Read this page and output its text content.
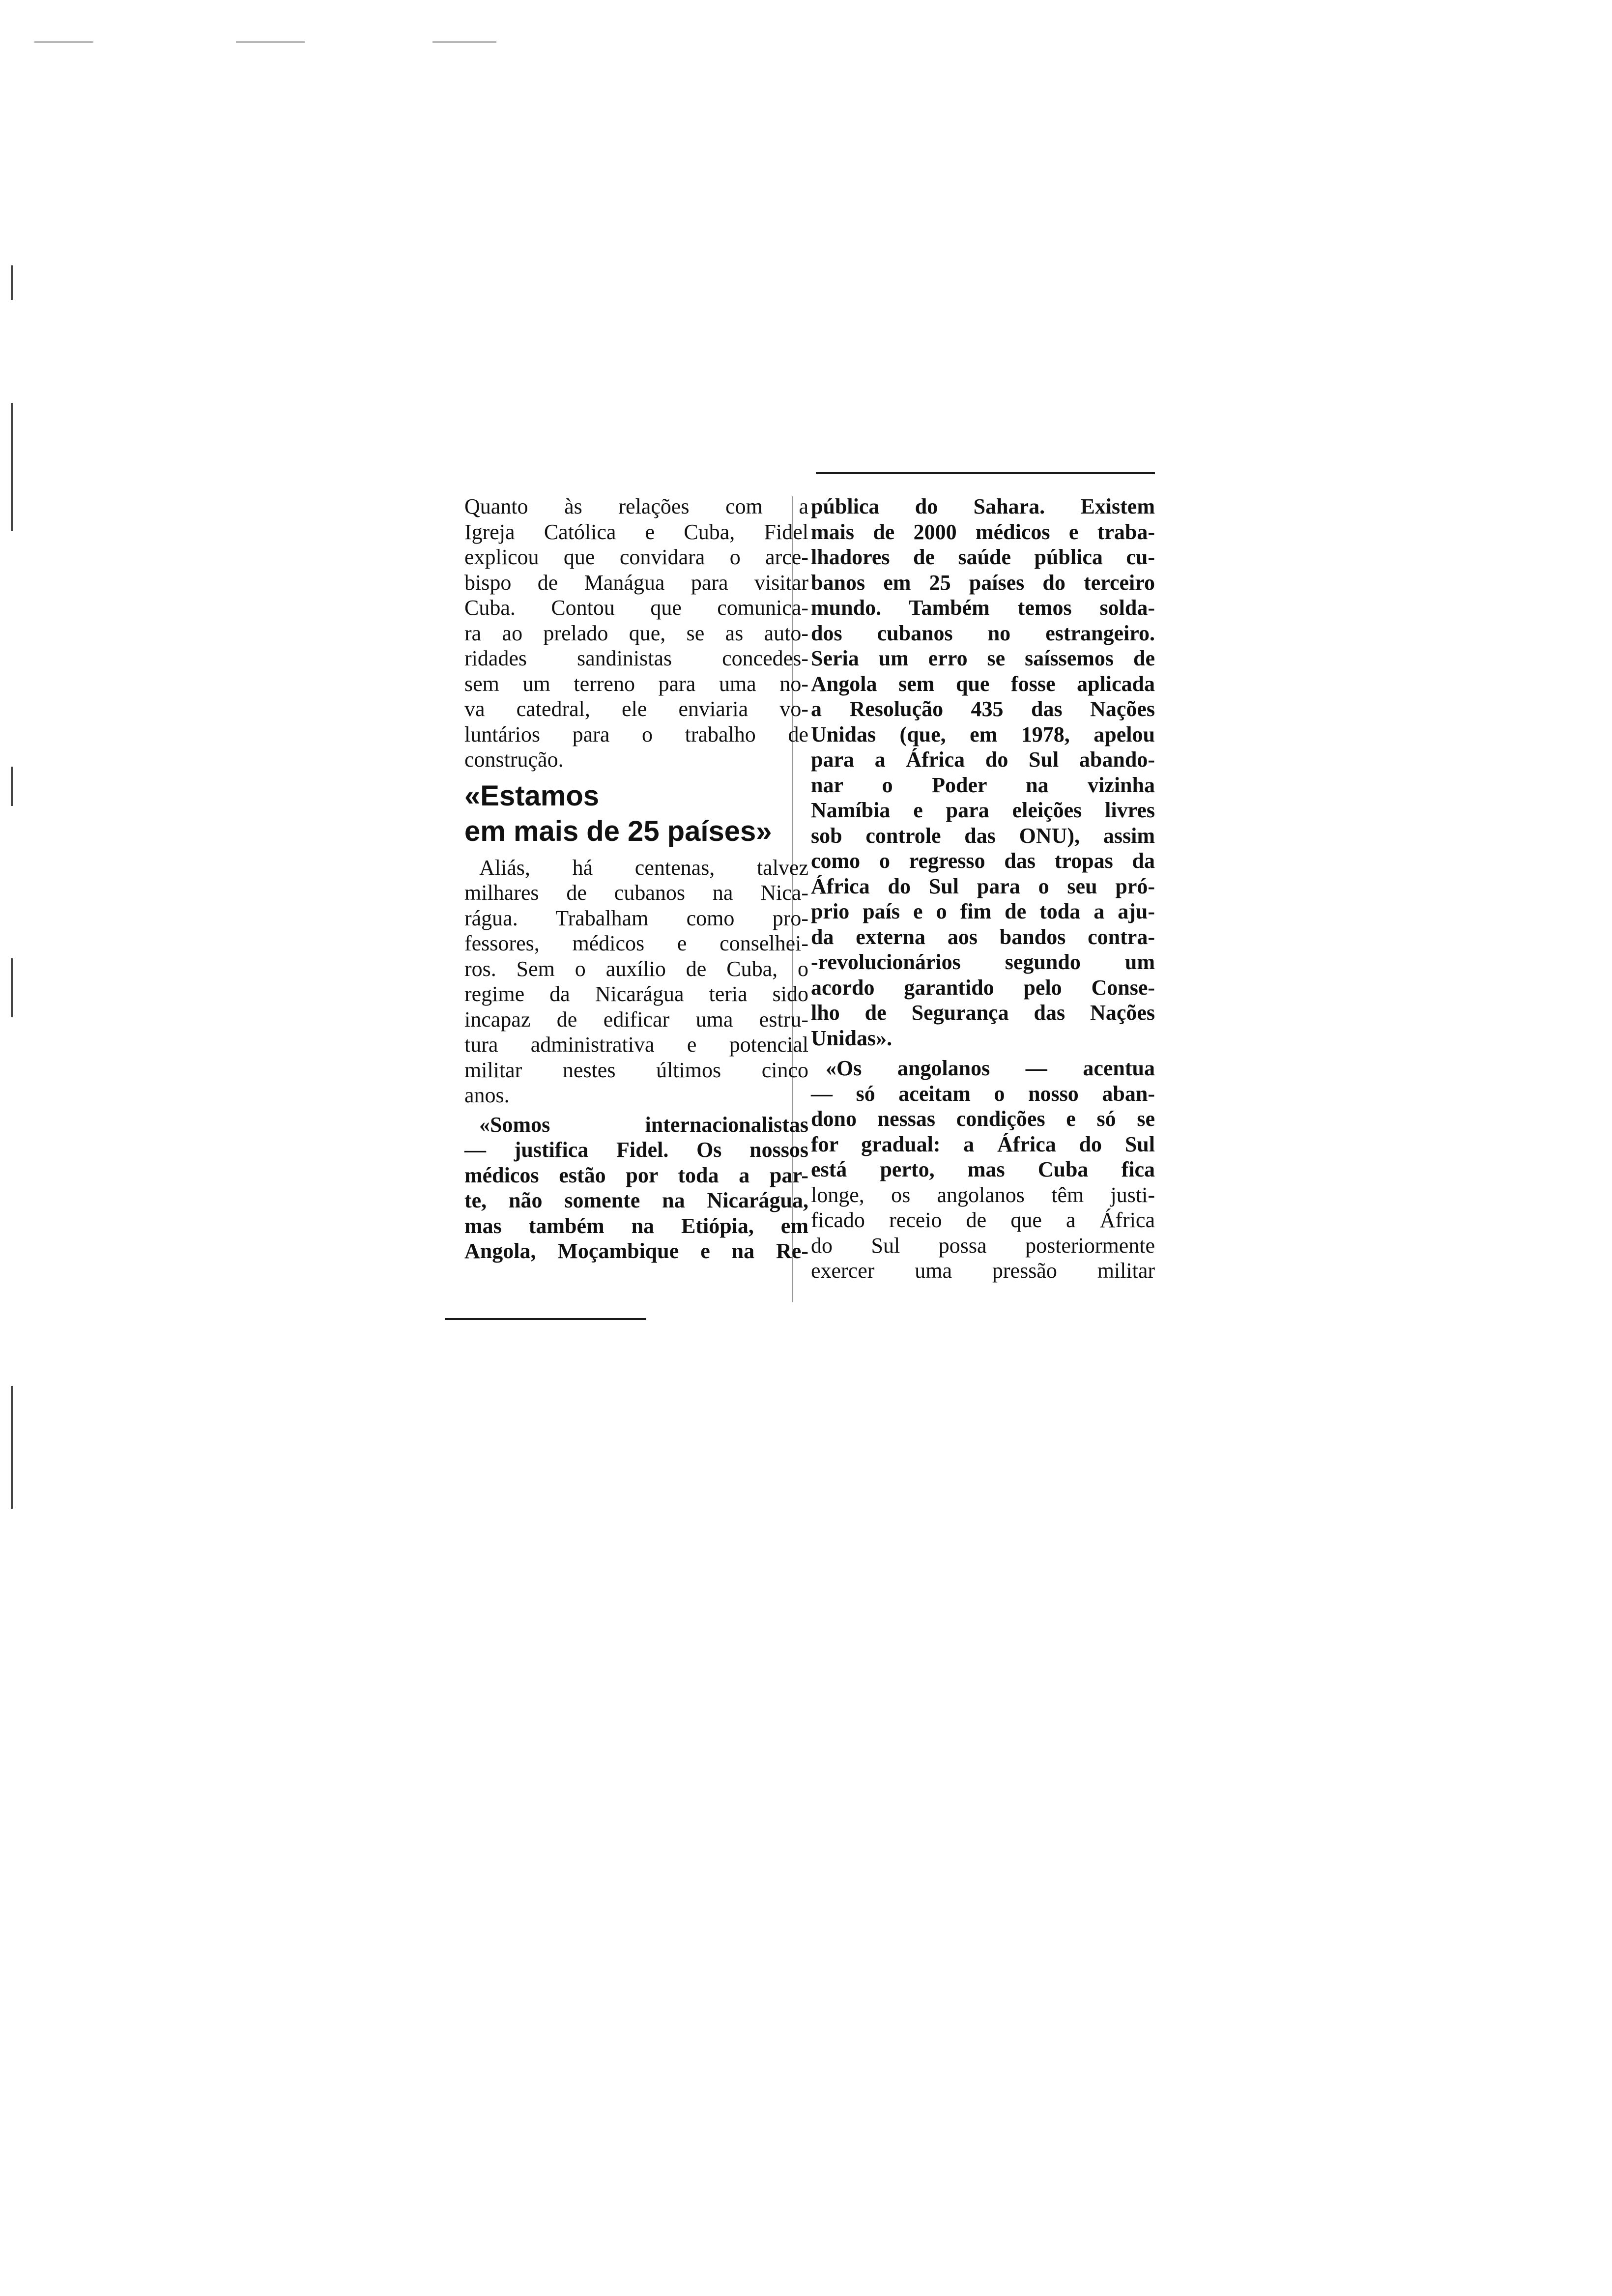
Quanto às relações com a

Igreja Católica e Cuba, Fidel

explicou que convidara o arce-

bispo de Manágua para visitar

Cuba. Contou que comunica-

ra ao prelado que, se as auto-

ridades sandinistas concedes-

sem um terreno para uma no-

va catedral, ele enviaria vo-

luntários para o trabalho de

construção.

«Estamos
em mais de 25 países»

Aliás, há centenas, talvez

milhares de cubanos na Nica-

rágua. Trabalham como pro-

fessores, médicos e conselhei-

ros. Sem o auxílio de Cuba, o

regime da Nicarágua teria sido

incapaz de edificar uma estru-

tura administrativa e potencial

militar nestes últimos cinco

anos.

«Somos internacionalistas

— justifica Fidel. Os nossos

médicos estão por toda a par-

te, não somente na Nicarágua,

mas também na Etiópia, em

Angola, Moçambique e na Re-

pública do Sahara. Existem

mais de 2000 médicos e traba-

lhadores de saúde pública cu-

banos em 25 países do terceiro

mundo. Também temos solda-

dos cubanos no estrangeiro.

Seria um erro se saíssemos de

Angola sem que fosse aplicada

a Resolução 435 das Nações

Unidas (que, em 1978, apelou

para a África do Sul abando-

nar o Poder na vizinha

Namíbia e para eleições livres

sob controle das ONU), assim

como o regresso das tropas da

África do Sul para o seu pró-

prio país e o fim de toda a aju-

da externa aos bandos contra-

-revolucionários segundo um

acordo garantido pelo Conse-

lho de Segurança das Nações

Unidas».

«Os angolanos — acentua

— só aceitam o nosso aban-

dono nessas condições e só se

for gradual: a África do Sul

está perto, mas Cuba fica

longe, os angolanos têm justi-

ficado receio de que a África

do Sul possa posteriormente

exercer uma pressão militar
